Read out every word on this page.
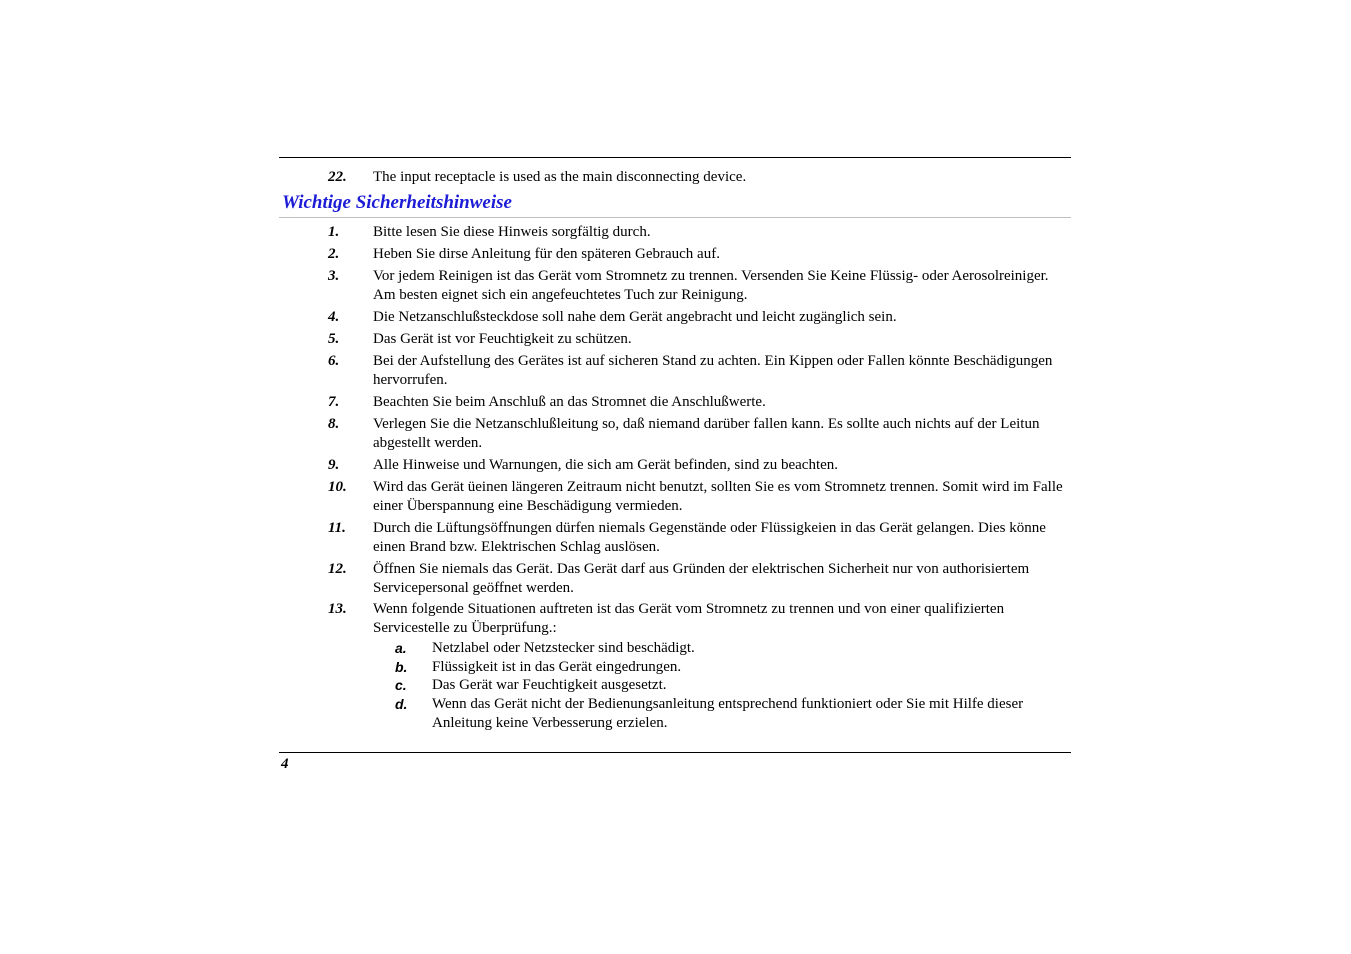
22. The input receptacle is used as the main disconnecting device.
Wichtige Sicherheitshinweise
1. Bitte lesen Sie diese Hinweis sorgfältig durch.
2. Heben Sie dirse Anleitung für den späteren Gebrauch auf.
3. Vor jedem Reinigen ist das Gerät vom Stromnetz zu trennen. Versenden Sie Keine Flüssig- oder Aerosolreiniger. Am besten eignet sich ein angefeuchtetes Tuch zur Reinigung.
4. Die Netzanschlußsteckdose soll nahe dem Gerät angebracht und leicht zugänglich sein.
5. Das Gerät ist vor Feuchtigkeit zu schützen.
6. Bei der Aufstellung des Gerätes ist auf sicheren Stand zu achten. Ein Kippen oder Fallen könnte Beschädigungen hervorrufen.
7. Beachten Sie beim Anschluß an das Stromnet die Anschlußwerte.
8. Verlegen Sie die Netzanschlußleitung so, daß niemand darüber fallen kann. Es sollte auch nichts auf der Leitun abgestellt werden.
9. Alle Hinweise und Warnungen, die sich am Gerät befinden, sind zu beachten.
10. Wird das Gerät üeinen längeren Zeitraum nicht benutzt, sollten Sie es vom Stromnetz trennen. Somit wird im Falle einer Überspannung eine Beschädigung vermieden.
11. Durch die Lüftungsöffnungen dürfen niemals Gegenstände oder Flüssigkeien in das Gerät gelangen. Dies könne einen Brand bzw. Elektrischen Schlag auslösen.
12. Öffnen Sie niemals das Gerät. Das Gerät darf aus Gründen der elektrischen Sicherheit nur von authorisiertem Servicepersonal geöffnet werden.
13. Wenn folgende Situationen auftreten ist das Gerät vom Stromnetz zu trennen und von einer qualifizierten Servicestelle zu Überprüfung.:
a. Netzlabel oder Netzstecker sind beschädigt.
b. Flüssigkeit ist in das Gerät eingedrungen.
c. Das Gerät war Feuchtigkeit ausgesetzt.
d. Wenn das Gerät nicht der Bedienungsanleitung entsprechend funktioniert oder Sie mit Hilfe dieser Anleitung keine Verbesserung erzielen.
4
